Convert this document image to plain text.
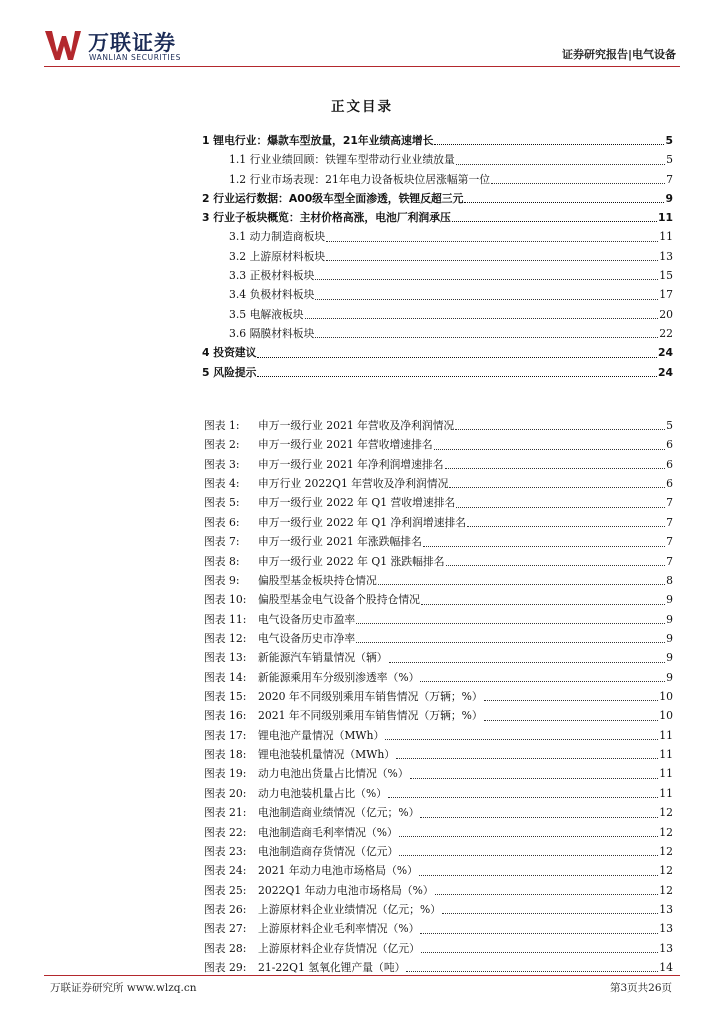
万联证券
WANLIAN SECURITIES	证券研究报告|电气设备
正文目录
1 锂电行业：爆款车型放量，21年业绩高速增长	5
1.1 行业业绩回顾：铁锂车型带动行业业绩放量	5
1.2 行业市场表现：21年电力设备板块位居涨幅第一位	7
2 行业运行数据：A00级车型全面渗透，铁锂反超三元	9
3 行业子板块概览：主材价格高涨，电池厂利润承压	11
3.1 动力制造商板块	11
3.2 上游原材料板块	13
3.3 正极材料板块	15
3.4 负极材料板块	17
3.5 电解液板块	20
3.6 隔膜材料板块	22
4 投资建议	24
5 风险提示	24
图表 1:	申万一级行业 2021 年营收及净利润情况	5
图表 2:	申万一级行业 2021 年营收增速排名	6
图表 3:	申万一级行业 2021 年净利润增速排名	6
图表 4:	申万行业 2022Q1 年营收及净利润情况	6
图表 5:	申万一级行业 2022 年 Q1 营收增速排名	7
图表 6:	申万一级行业 2022 年 Q1 净利润增速排名	7
图表 7:	申万一级行业 2021 年涨跌幅排名	7
图表 8:	申万一级行业 2022 年 Q1 涨跌幅排名	7
图表 9:	偏股型基金板块持仓情况	8
图表 10:	偏股型基金电气设备个股持仓情况	9
图表 11:	电气设备历史市盈率	9
图表 12:	电气设备历史市净率	9
图表 13:	新能源汽车销量情况（辆）	9
图表 14:	新能源乘用车分级别渗透率（%）	9
图表 15:	2020 年不同级别乘用车销售情况（万辆；%）	10
图表 16:	2021 年不同级别乘用车销售情况（万辆；%）	10
图表 17:	锂电池产量情况（MWh）	11
图表 18:	锂电池装机量情况（MWh）	11
图表 19:	动力电池出货量占比情况（%）	11
图表 20:	动力电池装机量占比（%）	11
图表 21:	电池制造商业绩情况（亿元；%）	12
图表 22:	电池制造商毛利率情况（%）	12
图表 23:	电池制造商存货情况（亿元）	12
图表 24:	2021 年动力电池市场格局（%）	12
图表 25:	2022Q1 年动力电池市场格局（%）	12
图表 26:	上游原材料企业业绩情况（亿元；%）	13
图表 27:	上游原材料企业毛利率情况（%）	13
图表 28:	上游原材料企业存货情况（亿元）	13
图表 29:	21-22Q1 氢氧化锂产量（吨）	14
万联证券研究所 www.wlzq.cn	第3页共26页
